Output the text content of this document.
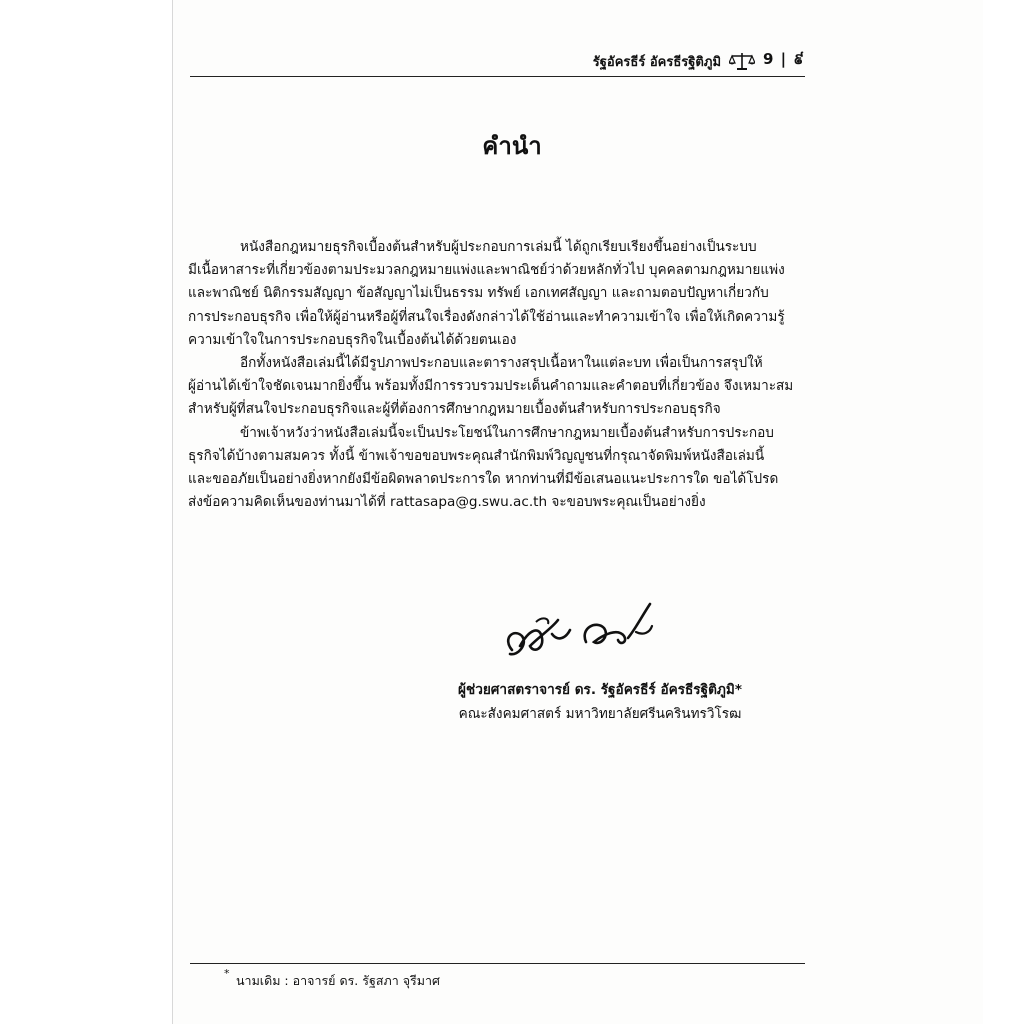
รัฐอัครธีร์ อัครธีรฐิติภูมิ	9 | ៩
คำนำ
หนังสือกฎหมายธุรกิจเบื้องต้นสำหรับผู้ประกอบการเล่มนี้ ได้ถูกเรียบเรียงขึ้นอย่างเป็นระบบ
มีเนื้อหาสาระที่เกี่ยวข้องตามประมวลกฎหมายแพ่งและพาณิชย์ว่าด้วยหลักทั่วไป บุคคลตามกฎหมายแพ่ง
และพาณิชย์ นิติกรรมสัญญา ข้อสัญญาไม่เป็นธรรม ทรัพย์ เอกเทศสัญญา และถามตอบปัญหาเกี่ยวกับ
การประกอบธุรกิจ เพื่อให้ผู้อ่านหรือผู้ที่สนใจเรื่องดังกล่าวได้ใช้อ่านและทำความเข้าใจ เพื่อให้เกิดความรู้
ความเข้าใจในการประกอบธุรกิจในเบื้องต้นได้ด้วยตนเอง
อีกทั้งหนังสือเล่มนี้ได้มีรูปภาพประกอบและตารางสรุปเนื้อหาในแต่ละบท เพื่อเป็นการสรุปให้
ผู้อ่านได้เข้าใจชัดเจนมากยิ่งขึ้น พร้อมทั้งมีการรวบรวมประเด็นคำถามและคำตอบที่เกี่ยวข้อง จึงเหมาะสม
สำหรับผู้ที่สนใจประกอบธุรกิจและผู้ที่ต้องการศึกษากฎหมายเบื้องต้นสำหรับการประกอบธุรกิจ
ข้าพเจ้าหวังว่าหนังสือเล่มนี้จะเป็นประโยชน์ในการศึกษากฎหมายเบื้องต้นสำหรับการประกอบ
ธุรกิจได้บ้างตามสมควร ทั้งนี้ ข้าพเจ้าขอขอบพระคุณสำนักพิมพ์วิญญูชนที่กรุณาจัดพิมพ์หนังสือเล่มนี้
และขออภัยเป็นอย่างยิ่งหากยังมีข้อผิดพลาดประการใด หากท่านที่มีข้อเสนอแนะประการใด ขอได้โปรด
ส่งข้อความคิดเห็นของท่านมาได้ที่ rattasapa@g.swu.ac.th จะขอบพระคุณเป็นอย่างยิ่ง
ผู้ช่วยศาสตราจารย์ ดร. รัฐอัครธีร์ อัครธีรฐิติภูมิ*
คณะสังคมศาสตร์ มหาวิทยาลัยศรีนครินทรวิโรฒ
* นามเดิม : อาจารย์ ดร. รัฐสภา จุรีมาศ
